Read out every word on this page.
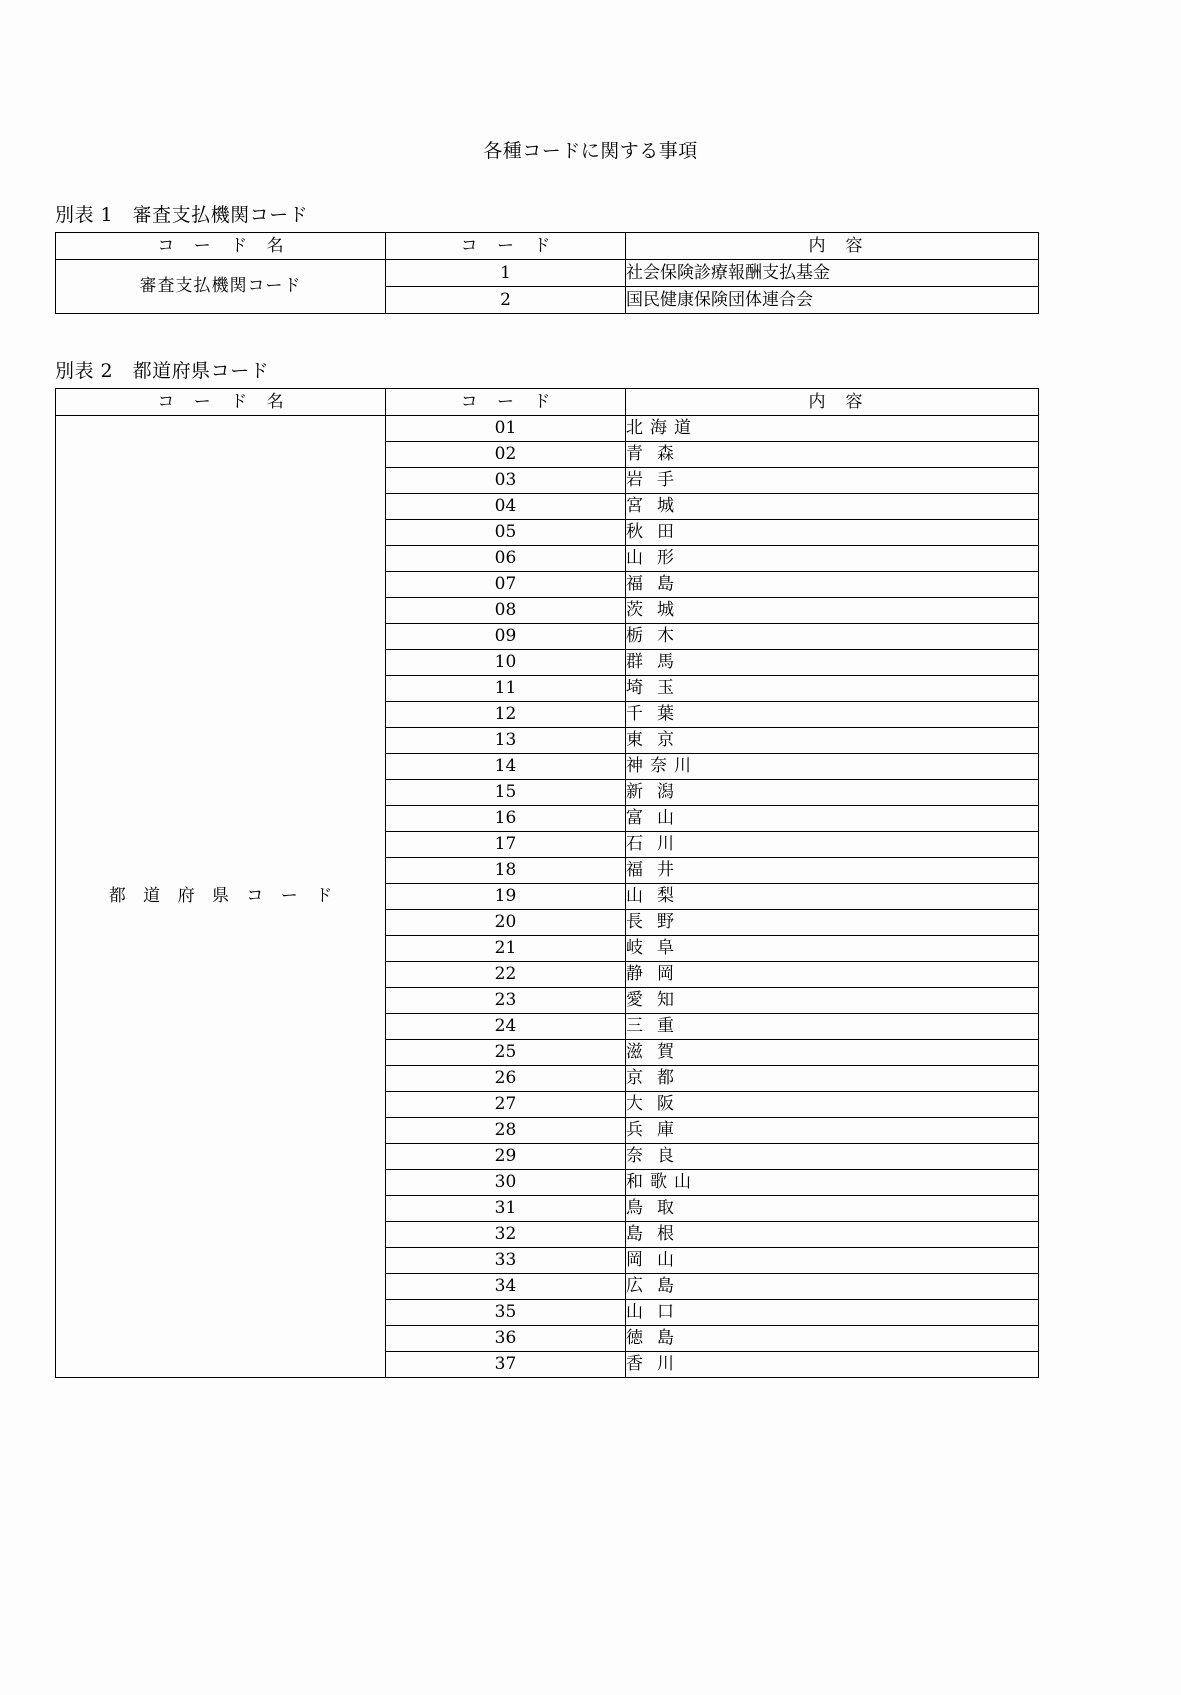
各種コードに関する事項
別表 1　審査支払機関コード
コ ー ド 名	コ ー ド	内容
審査支払機関コード	1	社会保険診療報酬支払基金
	2	国民健康保険団体連合会
別表 2　都道府県コード
コ ー ド 名	コ ー ド	内容
都 道 府 県 コ ー ド	01	北海道
	02	青森
	03	岩手
	04	宮城
	05	秋田
	06	山形
	07	福島
	08	茨城
	09	栃木
	10	群馬
	11	埼玉
	12	千葉
	13	東京
	14	神奈川
	15	新潟
	16	富山
	17	石川
	18	福井
	19	山梨
	20	長野
	21	岐阜
	22	静岡
	23	愛知
	24	三重
	25	滋賀
	26	京都
	27	大阪
	28	兵庫
	29	奈良
	30	和歌山
	31	鳥取
	32	島根
	33	岡山
	34	広島
	35	山口
	36	徳島
	37	香川
